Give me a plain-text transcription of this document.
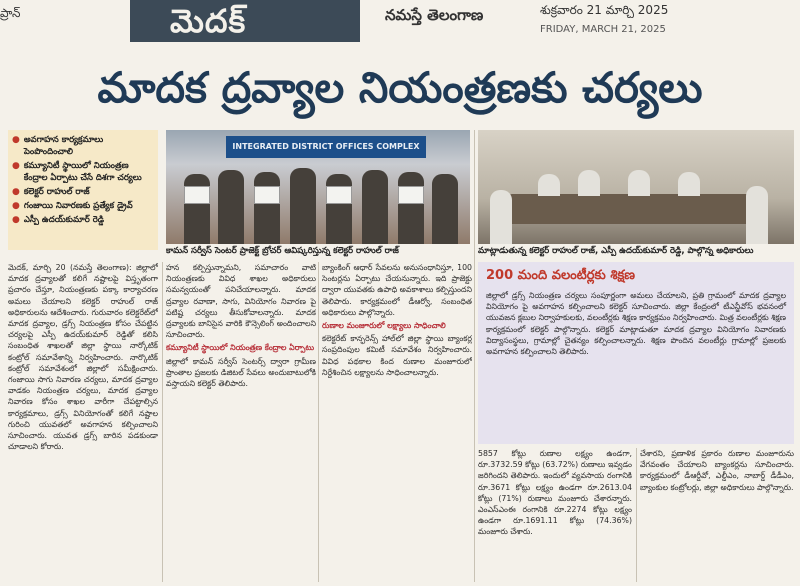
ప్రాన్	మెదక్	నమస్తే తెలంగాణ	శుక్రవారం 21 మార్చి 2025
FRIDAY, MARCH 21, 2025
మాదక ద్రవ్యాల నియంత్రణకు చర్యలు
● అవగాహన కార్యక్రమాలు పెంపొందించాలి
● కమ్యూనిటీ స్థాయిలో నియంత్రణ కేంద్రాల ఏర్పాటు చేసే దిశగా చర్యలు
● కలెక్టర్ రాహుల్ రాజ్
● గంజాయి నివారణకు ప్రత్యేక డ్రైవ్
● ఎస్పీ ఉదయ్‌కుమార్ రెడ్డి
INTEGRATED DISTRICT OFFICES COMPLEX
కామన్ సర్వీస్ సెంటర్ ప్రాజెక్ట్ బ్రోచర్ ఆవిష్కరిస్తున్న కలెక్టర్ రాహుల్ రాజ్	మాట్లాడుతున్న కలెక్టర్ రాహుల్ రాజ్, ఎస్పీ ఉదయ్‌కుమార్ రెడ్డి, పాల్గొన్న అధికారులు
మెదక్, మార్చి 20 (నమస్తే తెలంగాణ): జిల్లాలో మాదక ద్రవ్యాలతో కలిగే నష్టాలపై విస్తృతంగా ప్రచారం చేస్తూ, నియంత్రణకు పక్కా కార్యాచరణ అమలు చేయాలని కలెక్టర్ రాహుల్ రాజ్ అధికారులను ఆదేశించారు. గురువారం కలెక్టరేట్‌లో మాదక ద్రవ్యాల, డ్రగ్స్ నియంత్రణ కోసం చేపట్టిన చర్యలపై ఎస్పీ ఉదయ్‌కుమార్ రెడ్డితో కలిసి సంబంధిత శాఖలతో జిల్లా స్థాయి నార్కోటిక్ కంట్రోల్ సమావేశాన్ని నిర్వహించారు. నార్కొటిక్ కంట్రోల్ సమావేశంలో జిల్లాలో సమీక్షించారు. గంజాయి సాగు నివారణ చర్యలు, మాదక ద్రవ్యాల వాడకం నియంత్రణ చర్యలు, మాదక ద్రవ్యాల నివారణ కోసం శాఖల వారీగా చేపట్టాల్సిన కార్యక్రమాలు, డ్రగ్స్ వినియోగంతో కలిగే నష్టాల గురించి యువతలో అవగాహన కల్పించాలని సూచించారు. యువత డ్రగ్స్ బారిన పడకుండా చూడాలని కోరారు.
హన కల్పిస్తున్నామని, సమాచారం వాటి నియంత్రణకు వివిధ శాఖల అధికారులు సమన్వయంతో పనిచేయాలన్నారు. మాదక ద్రవ్యాల రవాణా, సాగు, వినియోగం నివారణ పై పటిష్ట చర్యలు తీసుకోవాలన్నారు. మాదక ద్రవ్యాలకు బానిసైన వారికి కౌన్సెలింగ్ అందించాలని సూచించారు.
కమ్యూనిటీ స్థాయిలో నియంత్రణ కేంద్రాల ఏర్పాటు
జిల్లాలో కామన్ సర్వీస్ సెంటర్స్ ద్వారా గ్రామీణ ప్రాంతాల ప్రజలకు డిజిటల్ సేవలు అందుబాటులోకి వస్తాయని కలెక్టర్ తెలిపారు.
బ్యాంకింగ్ ఆధార్ సేవలను అనుసంధానిస్తూ, 100 సెంటర్లను ఏర్పాటు చేయనున్నారు. ఇది ప్రాజెక్టు ద్వారా యువతకు ఉపాధి అవకాశాలు కల్పిస్తుందని తెలిపారు. కార్యక్రమంలో డీఆర్వో, సంబంధిత అధికారులు పాల్గొన్నారు.
రుణాల మంజూరులో లక్ష్యాలు సాధించాలి
కలెక్టరేట్ కాన్ఫరెన్స్ హాల్‌లో జిల్లా స్థాయి బ్యాంకర్ల సంప్రదింపుల కమిటీ సమావేశం నిర్వహించారు. వివిధ పథకాల కింద రుణాల మంజూరులో నిర్దేశించిన లక్ష్యాలను సాధించాలన్నారు.
200 మంది వలంటీర్లకు శిక్షణ
జిల్లాలో డ్రగ్స్ నియంత్రణ చర్యలు సంపూర్ణంగా అమలు చేయాలని, ప్రతి గ్రామంలో మాదక ద్రవ్యాల వినియోగం పై అవగాహన కల్పించాలని కలెక్టర్ సూచించారు. జిల్లా కేంద్రంలో టీఎన్జీవోస్ భవనంలో యువజన క్లబుల నిర్వాహకులకు, వలంటీర్లకు శిక్షణ కార్యక్రమం నిర్వహించారు. మిత్ర వలంటీర్లకు శిక్షణ కార్యక్రమంలో కలెక్టర్ పాల్గొన్నారు. కలెక్టర్ మాట్లాడుతూ మాదక ద్రవ్యాల వినియోగం నివారణకు విద్యాసంస్థలు, గ్రామాల్లో చైతన్యం కల్పించాలన్నారు. శిక్షణ పొందిన వలంటీర్లు గ్రామాల్లో ప్రజలకు అవగాహన కల్పించాలని తెలిపారు.
5857 కోట్లు రుణాల లక్ష్యం ఉండగా, రూ.3732.59 కోట్లు (63.72%) రుణాలు ఇవ్వడం జరిగిందని తెలిపారు. ఇందులో వ్యవసాయ రంగానికి రూ.3671 కోట్లు లక్ష్యం ఉండగా రూ.2613.04 కోట్లు (71%) రుణాలు మంజూరు చేశారన్నారు. ఎంఎస్ఎంఈ రంగానికి రూ.2274 కోట్లు లక్ష్యం ఉండగా రూ.1691.11 కోట్లు (74.36%) మంజూరు చేశారు.
చేశారని, ప్రణాళిక ప్రకారం రుణాల మంజూరును వేగవంతం చేయాలని బ్యాంకర్లను సూచించారు. కార్యక్రమంలో డీఆర్డీవో, ఎల్డీఎం, నాబార్డ్ డీడీఎం, బ్యాంకుల కంట్రోలర్లు, జిల్లా అధికారులు పాల్గొన్నారు.
